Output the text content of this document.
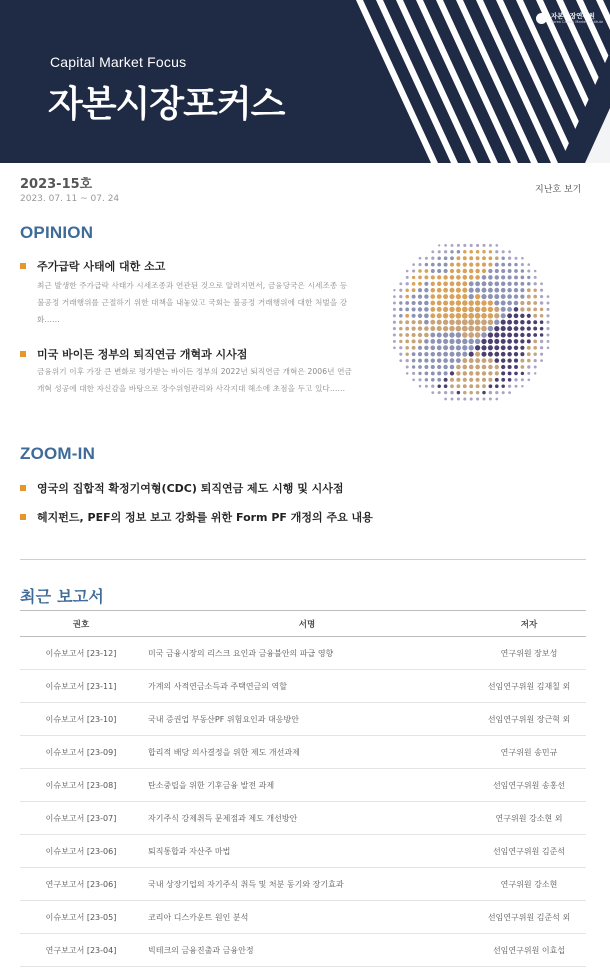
자본시장연구원
Korea Capital Market Institute
Capital Market Focus
자본시장포커스
2023-15호
2023. 07. 11 ~ 07. 24
지난호 보기
OPINION
주가급락 사태에 대한 소고
최근 발생한 주가급락 사태가 시세조종과 연관된 것으로 알려지면서, 금융당국은 시세조종 등 불공정 거래행위를 근절하기 위한 대책을 내놓았고 국회는 불공정 거래행위에 대한 처벌을 강화……
미국 바이든 정부의 퇴직연금 개혁과 시사점
금융위기 이후 가장 큰 변화로 평가받는 바이든 정부의 2022년 퇴직연금 개혁은 2006년 연금 개혁 성공에 대한 자신감을 바탕으로 장수위험관리와 사각지대 해소에 초점을 두고 있다……
ZOOM-IN
영국의 집합적 확정기여형(CDC) 퇴직연금 제도 시행 및 시사점
헤지펀드, PEF의 정보 보고 강화를 위한 Form PF 개정의 주요 내용
최근 보고서
권호	서명	저자
이슈보고서 [23-12]	미국 금융시장의 리스크 요인과 금융불안의 파급 영향	연구위원 장보성
이슈보고서 [23-11]	가계의 사적연금소득과 주택연금의 역할	선임연구위원 김재칠 외
이슈보고서 [23-10]	국내 증권업 부동산PF 위험요인과 대응방안	선임연구위원 장근혁 외
이슈보고서 [23-09]	합리적 배당 의사결정을 위한 제도 개선과제	연구위원 송민규
이슈보고서 [23-08]	탄소중립을 위한 기후금융 발전 과제	선임연구위원 송홍선
이슈보고서 [23-07]	자기주식 강제취득 문제점과 제도 개선방안	연구위원 강소현 외
이슈보고서 [23-06]	퇴직통합과 자산주 마법	선임연구위원 김준석
연구보고서 [23-06]	국내 상장기업의 자기주식 취득 및 처분 동기와 장기효과	연구위원 강소현
이슈보고서 [23-05]	코리아 디스카운트 원인 분석	선임연구위원 김준석 외
연구보고서 [23-04]	빅테크의 금융진출과 금융안정	선임연구위원 이효섭
